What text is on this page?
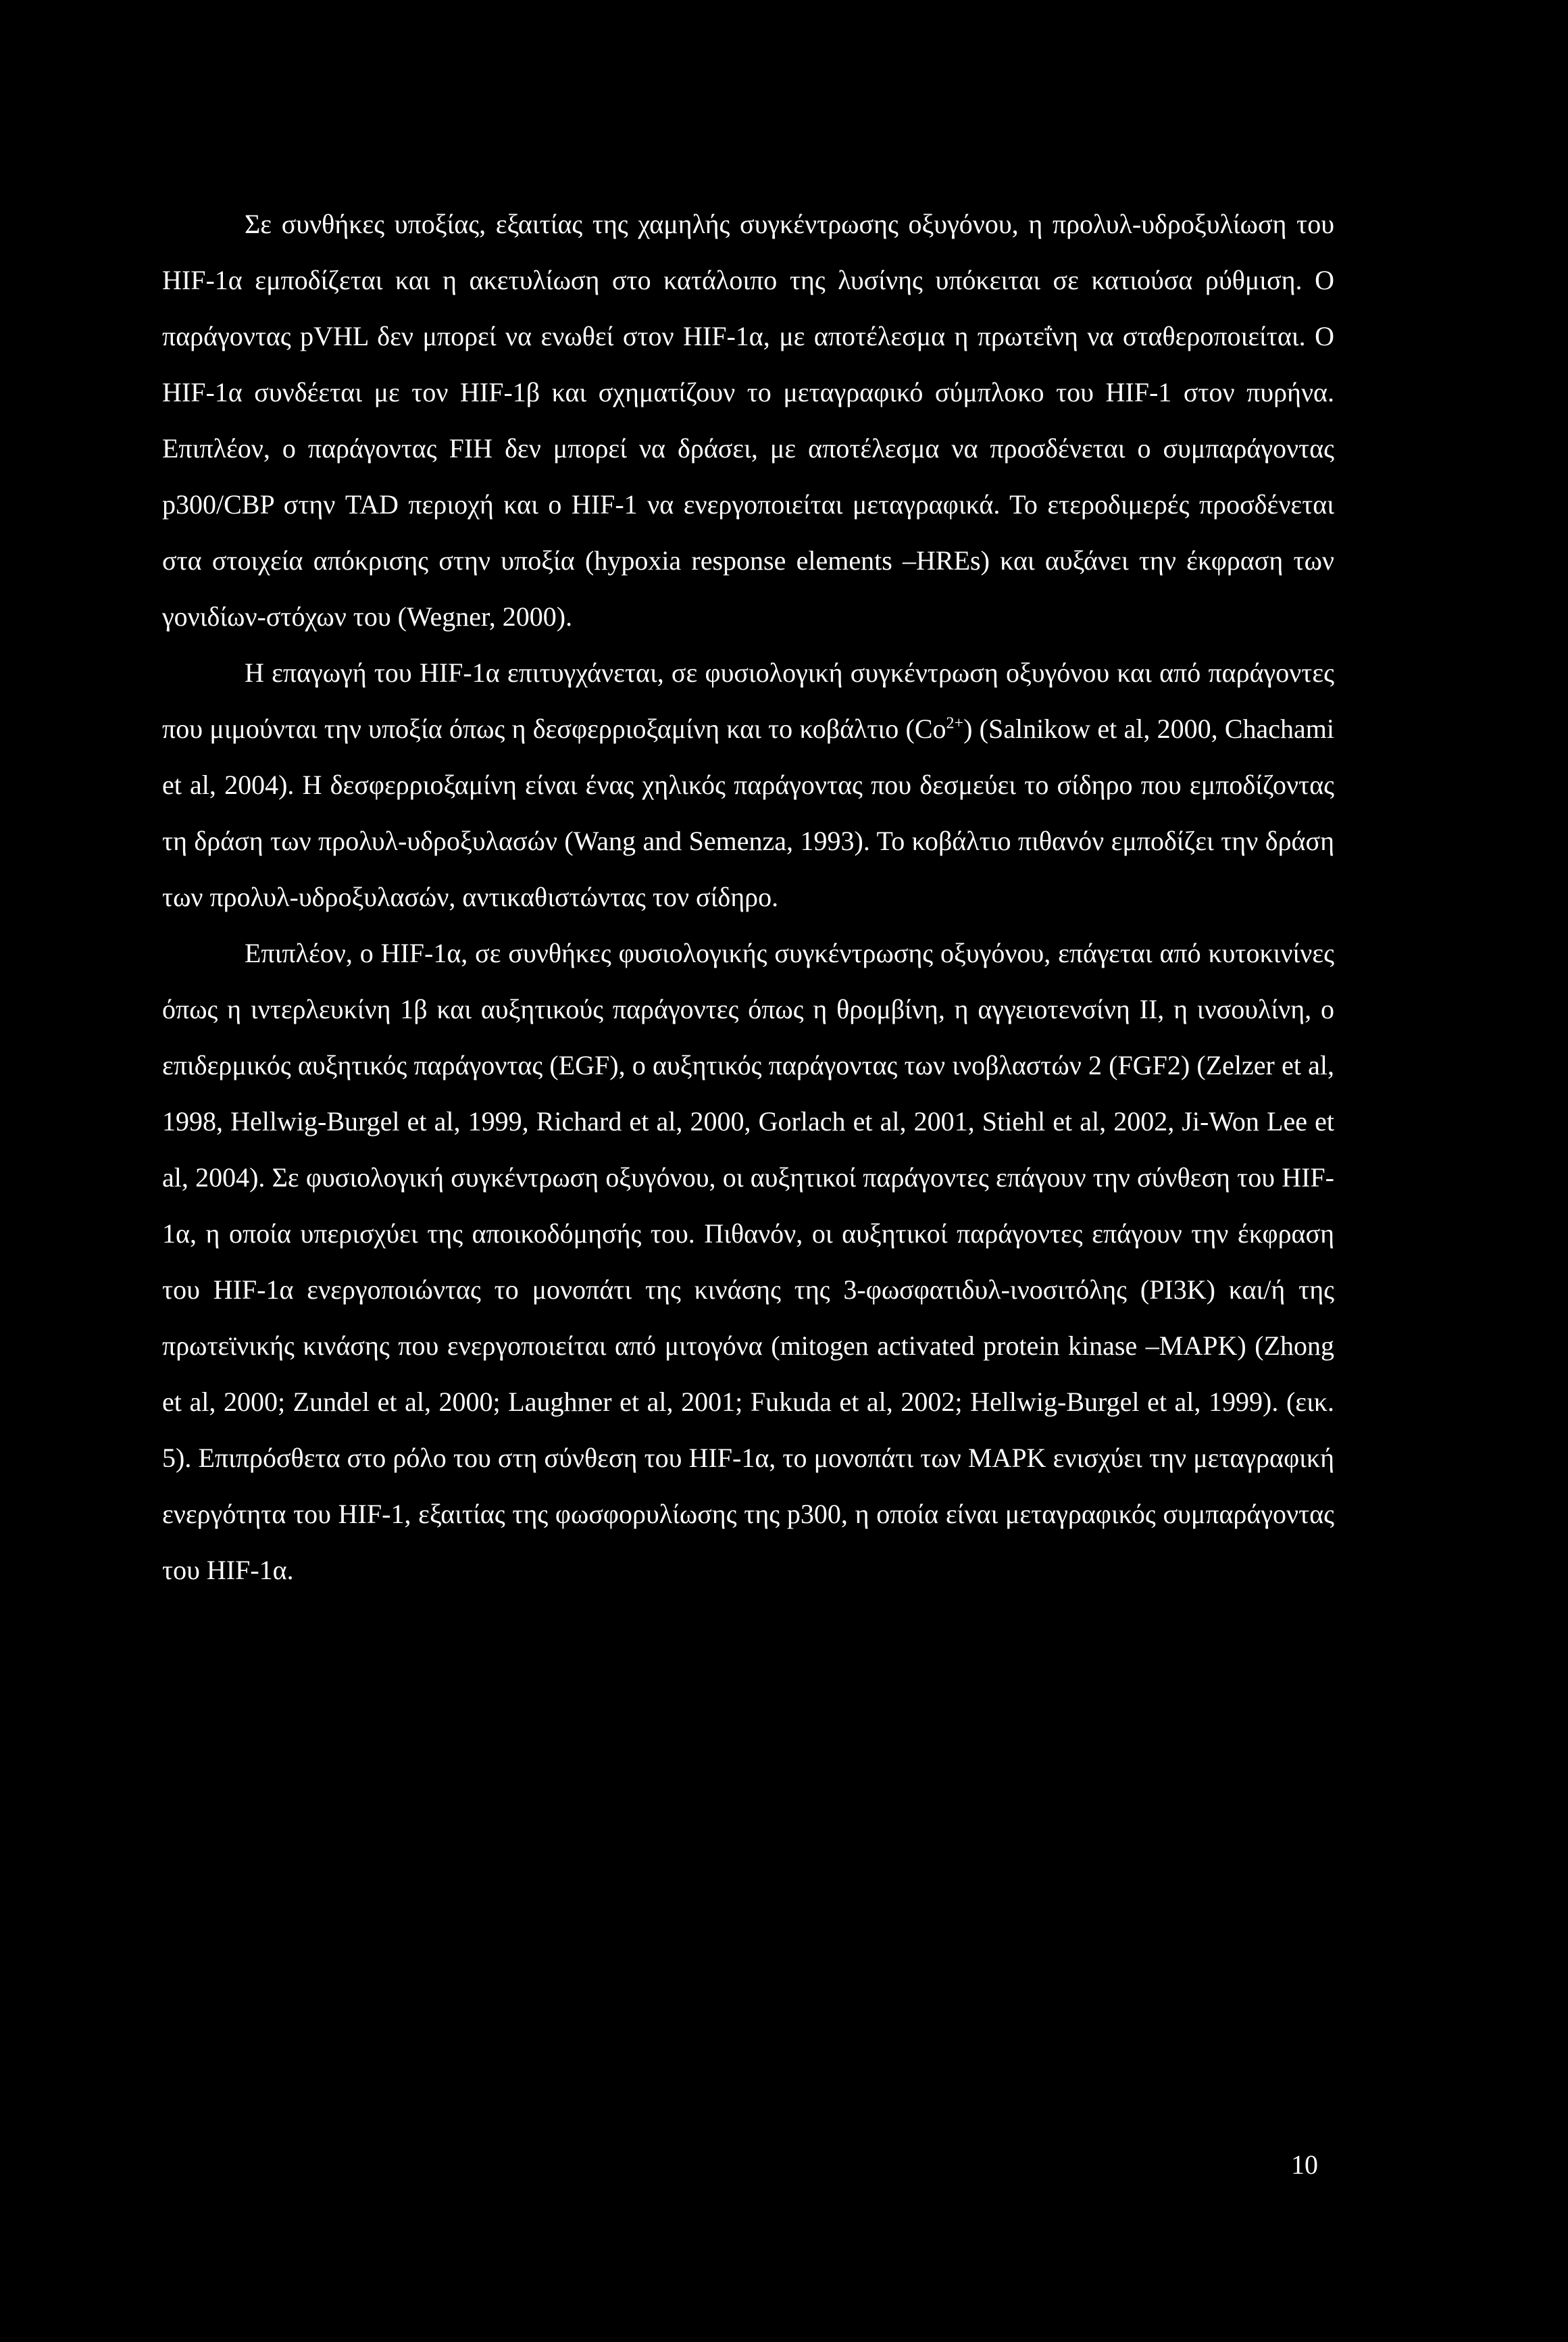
Σε συνθήκες υποξίας, εξαιτίας της χαμηλής συγκέντρωσης οξυγόνου, η προλυλ-υδροξυλίωση του HIF-1α εμποδίζεται και η ακετυλίωση στο κατάλοιπο της λυσίνης υπόκειται σε κατιούσα ρύθμιση. Ο παράγοντας pVHL δεν μπορεί να ενωθεί στον HIF-1α, με αποτέλεσμα η πρωτεΐνη να σταθεροποιείται. Ο HIF-1α συνδέεται με τον HIF-1β και σχηματίζουν το μεταγραφικό σύμπλοκο του HIF-1 στον πυρήνα. Επιπλέον, ο παράγοντας FIH δεν μπορεί να δράσει, με αποτέλεσμα να προσδένεται ο συμπαράγοντας p300/CBP στην TAD περιοχή και ο HIF-1 να ενεργοποιείται μεταγραφικά. Το ετεροδιμερές προσδένεται στα στοιχεία απόκρισης στην υποξία (hypoxia response elements –HREs) και αυξάνει την έκφραση των γονιδίων-στόχων του (Wegner, 2000).

Η επαγωγή του HIF-1α επιτυγχάνεται, σε φυσιολογική συγκέντρωση οξυγόνου και από παράγοντες που μιμούνται την υποξία όπως η δεσφερριοξαμίνη και το κοβάλτιο $(Co^{2+})$ (Salnikow et al, 2000, Chachami et al, 2004). Η δεσφερριοξαμίνη είναι ένας χηλικός παράγοντας που δεσμεύει το σίδηρο που εμποδίζοντας τη δράση των προλυλ-υδροξυλασών (Wang and Semenza, 1993). Το κοβάλτιο πιθανόν εμποδίζει την δράση των προλυλ-υδροξυλασών, αντικαθιστώντας τον σίδηρο.

Επιπλέον, ο HIF-1α, σε συνθήκες φυσιολογικής συγκέντρωσης οξυγόνου, επάγεται από κυτοκινίνες όπως η ιντερλευκίνη 1β και αυξητικούς παράγοντες όπως η θρομβίνη, η αγγειοτενσίνη ΙΙ, η ινσουλίνη, ο επιδερμικός αυξητικός παράγοντας (EGF), ο αυξητικός παράγοντας των ινοβλαστών 2 (FGF2) (Zelzer et al, 1998, Hellwig-Burgel et al, 1999, Richard et al, 2000, Gorlach et al, 2001, Stiehl et al, 2002, Ji-Won Lee et al, 2004). Σε φυσιολογική συγκέντρωση οξυγόνου, οι αυξητικοί παράγοντες επάγουν την σύνθεση του HIF-1α, η οποία υπερισχύει της αποικοδόμησής του. Πιθανόν, οι αυξητικοί παράγοντες επάγουν την έκφραση του HIF-1α ενεργοποιώντας το μονοπάτι της κινάσης της 3-φωσφατιδυλ-ινοσιτόλης (PI3K) και/ή της πρωτεϊνικής κινάσης που ενεργοποιείται από μιτογόνα (mitogen activated protein kinase –MAPK) (Zhong et al, 2000; Zundel et al, 2000; Laughner et al, 2001; Fukuda et al, 2002; Hellwig-Burgel et al, 1999). (εικ. 5). Επιπρόσθετα στο ρόλο του στη σύνθεση του HIF-1α, το μονοπάτι των MAPK ενισχύει την μεταγραφική ενεργότητα του HIF-1, εξαιτίας της φωσφορυλίωσης της p300, η οποία είναι μεταγραφικός συμπαράγοντας του HIF-1α.

10
